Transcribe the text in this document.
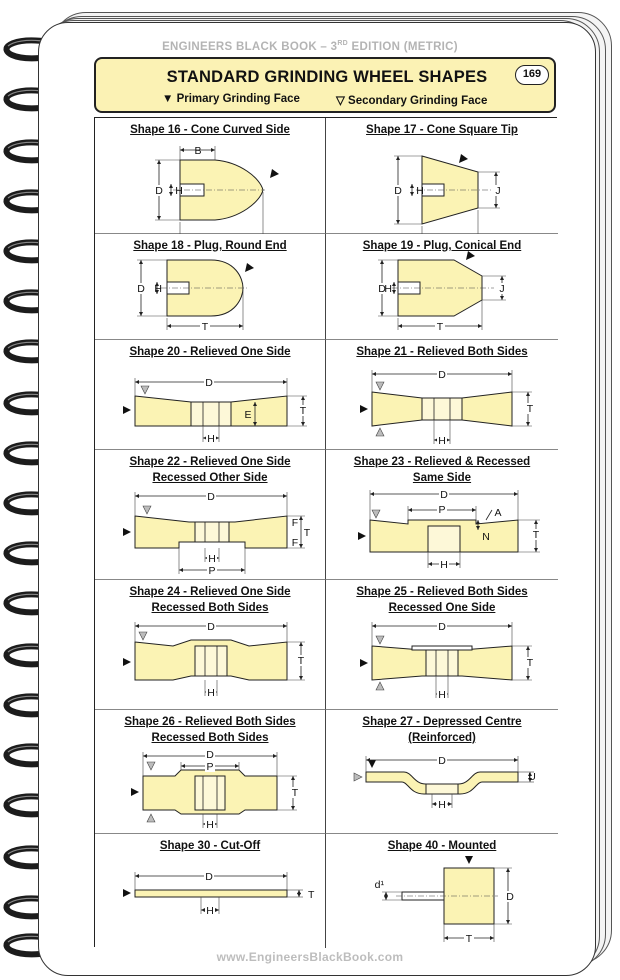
ENGINEERS BLACK BOOK – 3RD EDITION (METRIC)
STANDARD GRINDING WHEEL SHAPES
▼ Primary Grinding Face	▽ Secondary Grinding Face
169
Shape 16 - Cone Curved Side
B
D H
Shape 17 - Cone Square Tip
D H	J
Shape 18 - Plug, Round End
D H
T
Shape 19 - Plug, Conical End
D
H	J
T
Shape 20 - Relieved One Side
D
E	T
H
Shape 21 - Relieved Both Sides
D
T
H
Shape 22 - Relieved One Side
Recessed Other Side
D
T
F
F
H
P
Shape 23 - Relieved & Recessed
Same Side
D
P	A
N	T
H
Shape 24 - Relieved One Side
Recessed Both Sides
D
T
H
Shape 25 - Relieved Both Sides
Recessed One Side
D
T
H
Shape 26 - Relieved Both Sides
Recessed Both Sides
D
P
T
H
Shape 27 - Depressed Centre
(Reinforced)
D
U
H
Shape 30 - Cut-Off
D
T
H
Shape 40 - Mounted
D
d¹
T
www.EngineersBlackBook.com
